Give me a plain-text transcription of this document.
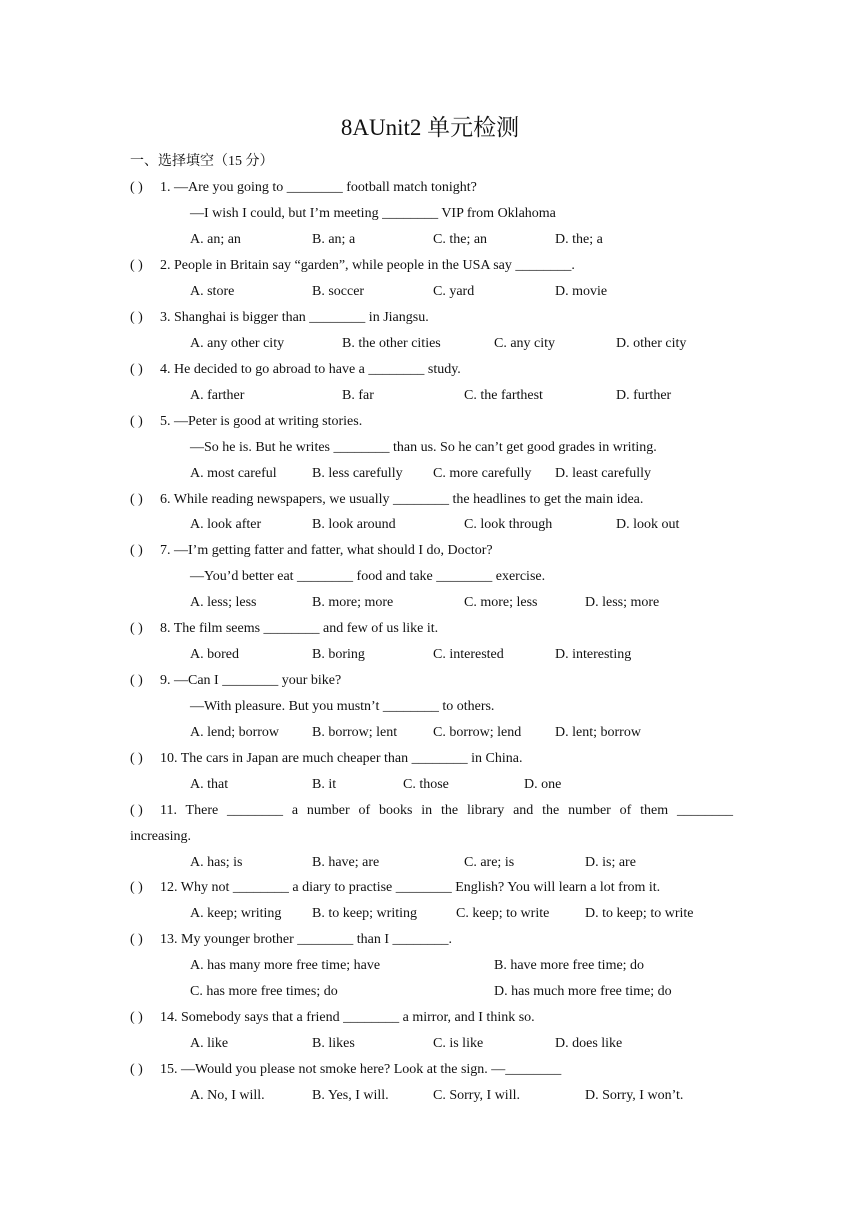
8AUnit2 单元检测
一、选择填空（15 分）
( ) 1. —Are you going to ________ football match tonight?
—I wish I could, but I’m meeting ________ VIP from Oklahoma
A. an; an	B. an; a	C. the; an	D. the; a
( ) 2. People in Britain say “garden”, while people in the USA say ________.
A. store	B. soccer	C. yard	D. movie
( ) 3. Shanghai is bigger than ________ in Jiangsu.
A. any other city	B. the other cities	C. any city	D. other city
( ) 4. He decided to go abroad to have a ________ study.
A. farther	B. far	C. the farthest	D. further
( ) 5. —Peter is good at writing stories.
—So he is. But he writes ________ than us. So he can’t get good grades in writing.
A. most careful	B. less carefully C. more carefully D. least carefully
( ) 6. While reading newspapers, we usually ________ the headlines to get the main idea.
A. look after	B. look around	C. look through	D. look out
( ) 7. —I’m getting fatter and fatter, what should I do, Doctor?
—You’d better eat ________ food and take ________ exercise.
A. less; less	B. more; more	C. more; less	D. less; more
( ) 8. The film seems ________ and few of us like it.
A. bored	B. boring	C. interested	D. interesting
( ) 9. —Can I ________ your bike?
—With pleasure. But you mustn’t ________ to others.
A. lend; borrow B. borrow; lent	C. borrow; lend D. lent; borrow
( ) 10. The cars in Japan are much cheaper than ________ in China.
A. that	B. it	C. those	D. one
( ) 11. There ________ a number of books in the library and the number of them ________
increasing.
A. has; is	B. have; are	C. are; is	D. is; are
( ) 12. Why not ________ a diary to practise ________ English? You will learn a lot from it.
A. keep; writing B. to keep; writing	C. keep; to write	D. to keep; to write
( ) 13. My younger brother ________ than I ________.
A. has many more free time; have	B. have more free time; do
C. has more free times; do	D. has much more free time; do
( ) 14. Somebody says that a friend ________ a mirror, and I think so.
A. like	B. likes	C. is like	D. does like
( ) 15. —Would you please not smoke here? Look at the sign. —________
A. No, I will.	B. Yes, I will.	C. Sorry, I will.	D. Sorry, I won’t.
